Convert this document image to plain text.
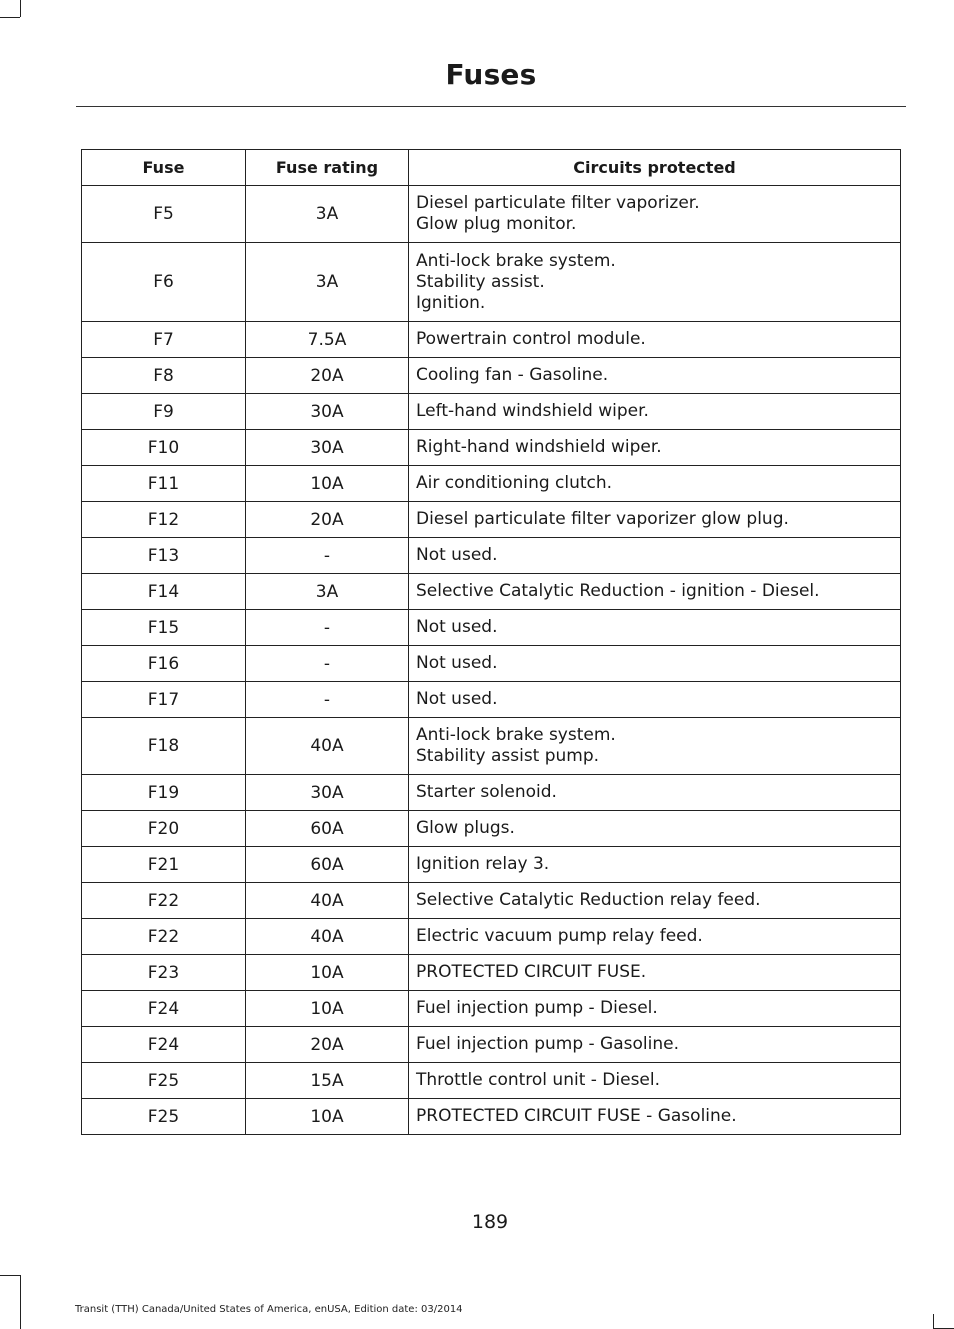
Fuses
Fuse	Fuse rating	Circuits protected
F5	3A	Diesel particulate filter vaporizer.
Glow plug monitor.

F6	3A	Anti-lock brake system.
Stability assist.
Ignition.

F7	7.5A	Powertrain control module.

F8	20A	Cooling fan - Gasoline.

F9	30A	Left-hand windshield wiper.

F10	30A	Right-hand windshield wiper.

F11	10A	Air conditioning clutch.

F12	20A	Diesel particulate filter vaporizer glow plug.

F13	-	Not used.

F14	3A	Selective Catalytic Reduction - ignition - Diesel.

F15	-	Not used.

F16	-	Not used.

F17	-	Not used.

F18	40A	Anti-lock brake system.
Stability assist pump.

F19	30A	Starter solenoid.

F20	60A	Glow plugs.

F21	60A	Ignition relay 3.

F22	40A	Selective Catalytic Reduction relay feed.

F22	40A	Electric vacuum pump relay feed.

F23	10A	PROTECTED CIRCUIT FUSE.

F24	10A	Fuel injection pump - Diesel.

F24	20A	Fuel injection pump - Gasoline.

F25	15A	Throttle control unit - Diesel.

F25	10A	PROTECTED CIRCUIT FUSE - Gasoline.
189
Transit (TTH) Canada/United States of America, enUSA, Edition date: 03/2014
